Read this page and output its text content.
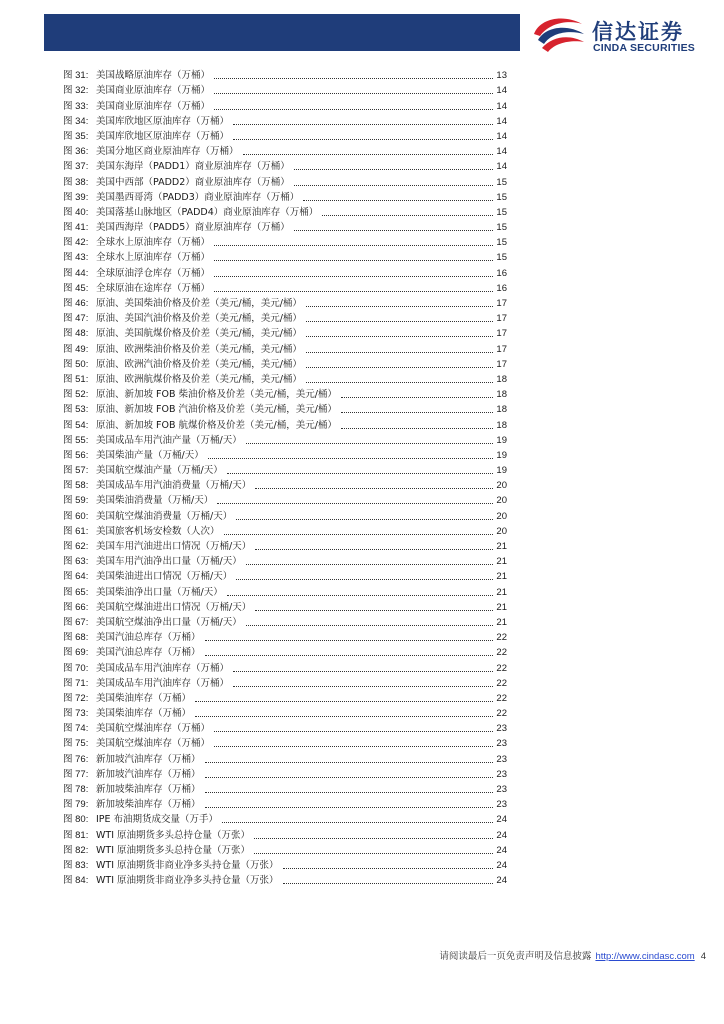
信达证券
CINDA SECURITIES
图 31: 美国战略原油库存（万桶）	13
图 32: 美国商业原油库存（万桶）	14
图 33: 美国商业原油库存（万桶）	14
图 34: 美国库欣地区原油库存（万桶）	14
图 35: 美国库欣地区原油库存（万桶）	14
图 36: 美国分地区商业原油库存（万桶）	14
图 37: 美国东海岸（PADD1）商业原油库存（万桶）	14
图 38: 美国中西部（PADD2）商业原油库存（万桶）	15
图 39: 美国墨西哥湾（PADD3）商业原油库存（万桶）	15
图 40: 美国落基山脉地区（PADD4）商业原油库存（万桶）	15
图 41: 美国西海岸（PADD5）商业原油库存（万桶）	15
图 42: 全球水上原油库存（万桶）	15
图 43: 全球水上原油库存（万桶）	15
图 44: 全球原油浮仓库存（万桶）	16
图 45: 全球原油在途库存（万桶）	16
图 46: 原油、美国柴油价格及价差（美元/桶，美元/桶）	17
图 47: 原油、美国汽油价格及价差（美元/桶，美元/桶）	17
图 48: 原油、美国航煤价格及价差（美元/桶，美元/桶）	17
图 49: 原油、欧洲柴油价格及价差（美元/桶，美元/桶）	17
图 50: 原油、欧洲汽油价格及价差（美元/桶，美元/桶）	17
图 51: 原油、欧洲航煤价格及价差（美元/桶，美元/桶）	18
图 52: 原油、新加坡 FOB 柴油价格及价差（美元/桶，美元/桶）	18
图 53: 原油、新加坡 FOB 汽油价格及价差（美元/桶，美元/桶）	18
图 54: 原油、新加坡 FOB 航煤价格及价差（美元/桶，美元/桶）	18
图 55: 美国成品车用汽油产量（万桶/天）	19
图 56: 美国柴油产量（万桶/天）	19
图 57: 美国航空煤油产量（万桶/天）	19
图 58: 美国成品车用汽油消费量（万桶/天）	20
图 59: 美国柴油消费量（万桶/天）	20
图 60: 美国航空煤油消费量（万桶/天）	20
图 61: 美国旅客机场安检数（人次）	20
图 62: 美国车用汽油进出口情况（万桶/天）	21
图 63: 美国车用汽油净出口量（万桶/天）	21
图 64: 美国柴油进出口情况（万桶/天）	21
图 65: 美国柴油净出口量（万桶/天）	21
图 66: 美国航空煤油进出口情况（万桶/天）	21
图 67: 美国航空煤油净出口量（万桶/天）	21
图 68: 美国汽油总库存（万桶）	22
图 69: 美国汽油总库存（万桶）	22
图 70: 美国成品车用汽油库存（万桶）	22
图 71: 美国成品车用汽油库存（万桶）	22
图 72: 美国柴油库存（万桶）	22
图 73: 美国柴油库存（万桶）	22
图 74: 美国航空煤油库存（万桶）	23
图 75: 美国航空煤油库存（万桶）	23
图 76: 新加坡汽油库存（万桶）	23
图 77: 新加坡汽油库存（万桶）	23
图 78: 新加坡柴油库存（万桶）	23
图 79: 新加坡柴油库存（万桶）	23
图 80: IPE 布油期货成交量（万手）	24
图 81: WTI 原油期货多头总持仓量（万张）	24
图 82: WTI 原油期货多头总持仓量（万张）	24
图 83: WTI 原油期货非商业净多头持仓量（万张）	24
图 84: WTI 原油期货非商业净多头持仓量（万张）	24
请阅读最后一页免责声明及信息披露 http://www.cindasc.com 4
